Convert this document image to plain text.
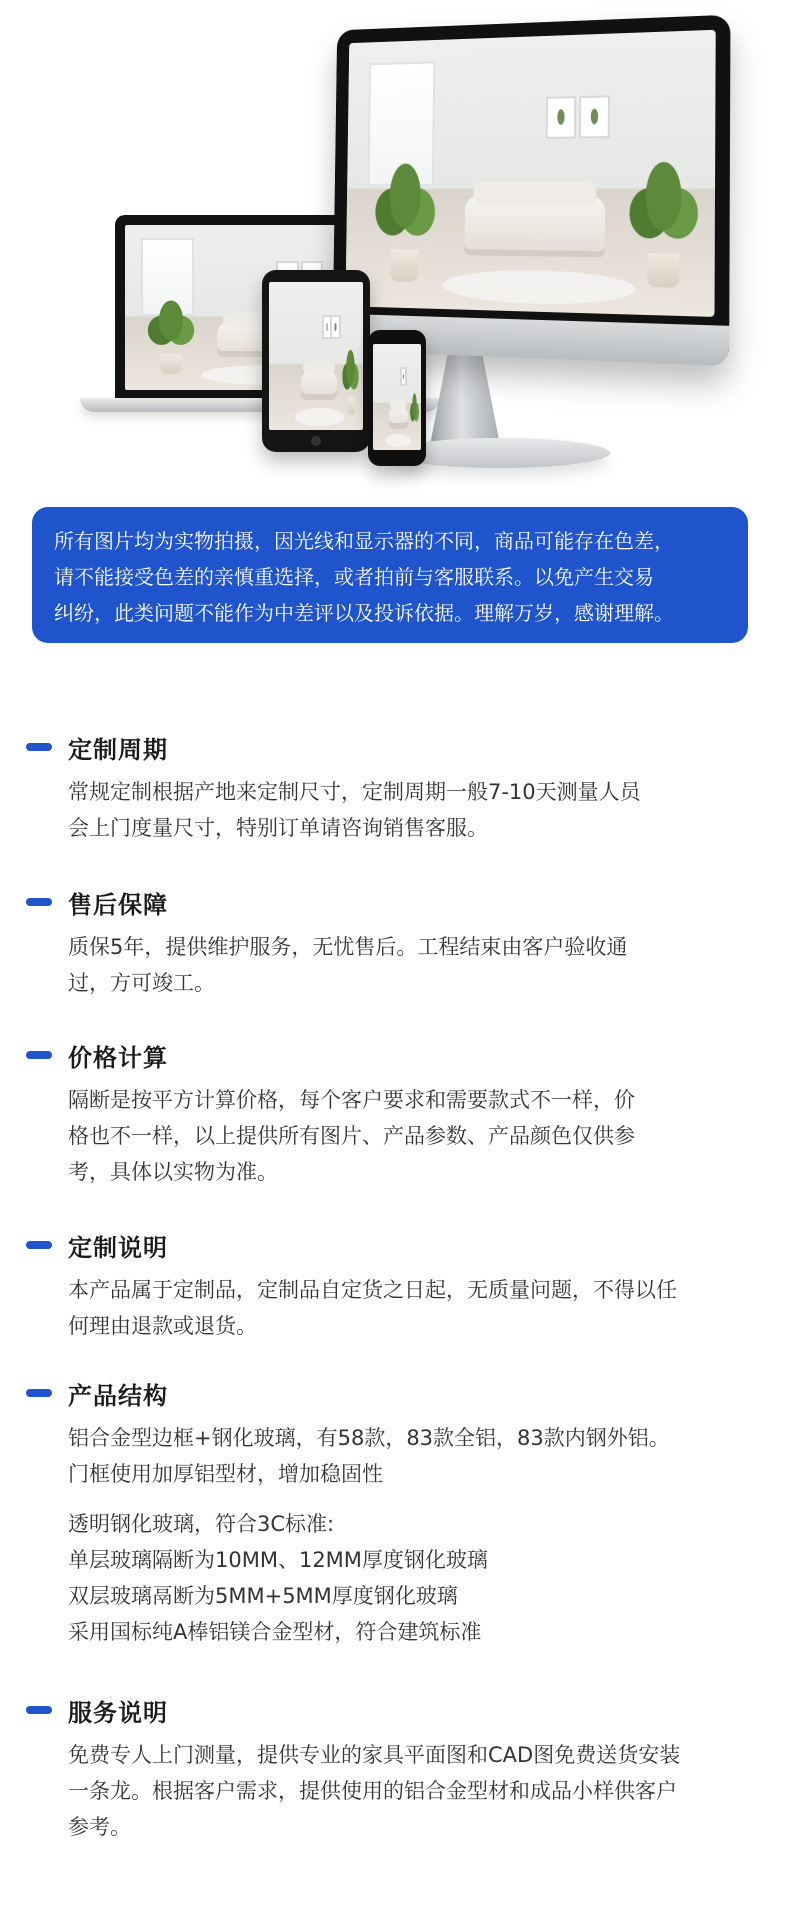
所有图片均为实物拍摄，因光线和显示器的不同，商品可能存在色差，

请不能接受色差的亲慎重选择，或者拍前与客服联系。以免产生交易

纠纷，此类问题不能作为中差评以及投诉依据。理解万岁，感谢理解。

定制周期

常规定制根据产地来定制尺寸，定制周期一般7-10天测量人员

会上门度量尺寸，特别订单请咨询销售客服。

售后保障

质保5年，提供维护服务，无忧售后。工程结束由客户验收通

过，方可竣工。

价格计算

隔断是按平方计算价格，每个客户要求和需要款式不一样，价

格也不一样，以上提供所有图片、产品参数、产品颜色仅供参

考，具体以实物为准。

定制说明

本产品属于定制品，定制品自定货之日起，无质量问题，不得以任

何理由退款或退货。

产品结构

铝合金型边框+钢化玻璃，有58款，83款全铝，83款内钢外铝。

门框使用加厚铝型材，增加稳固性

透明钢化玻璃，符合3C标准:

单层玻璃隔断为10MM、12MM厚度钢化玻璃

双层玻璃鬲断为5MM+5MM厚度钢化玻璃

采用国标纯A棒铝镁合金型材，符合建筑标准

服务说明

免费专人上门测量，提供专业的家具平面图和CAD图免费送货安装

一条龙。根据客户需求，提供使用的铝合金型材和成品小样供客户

参考。
